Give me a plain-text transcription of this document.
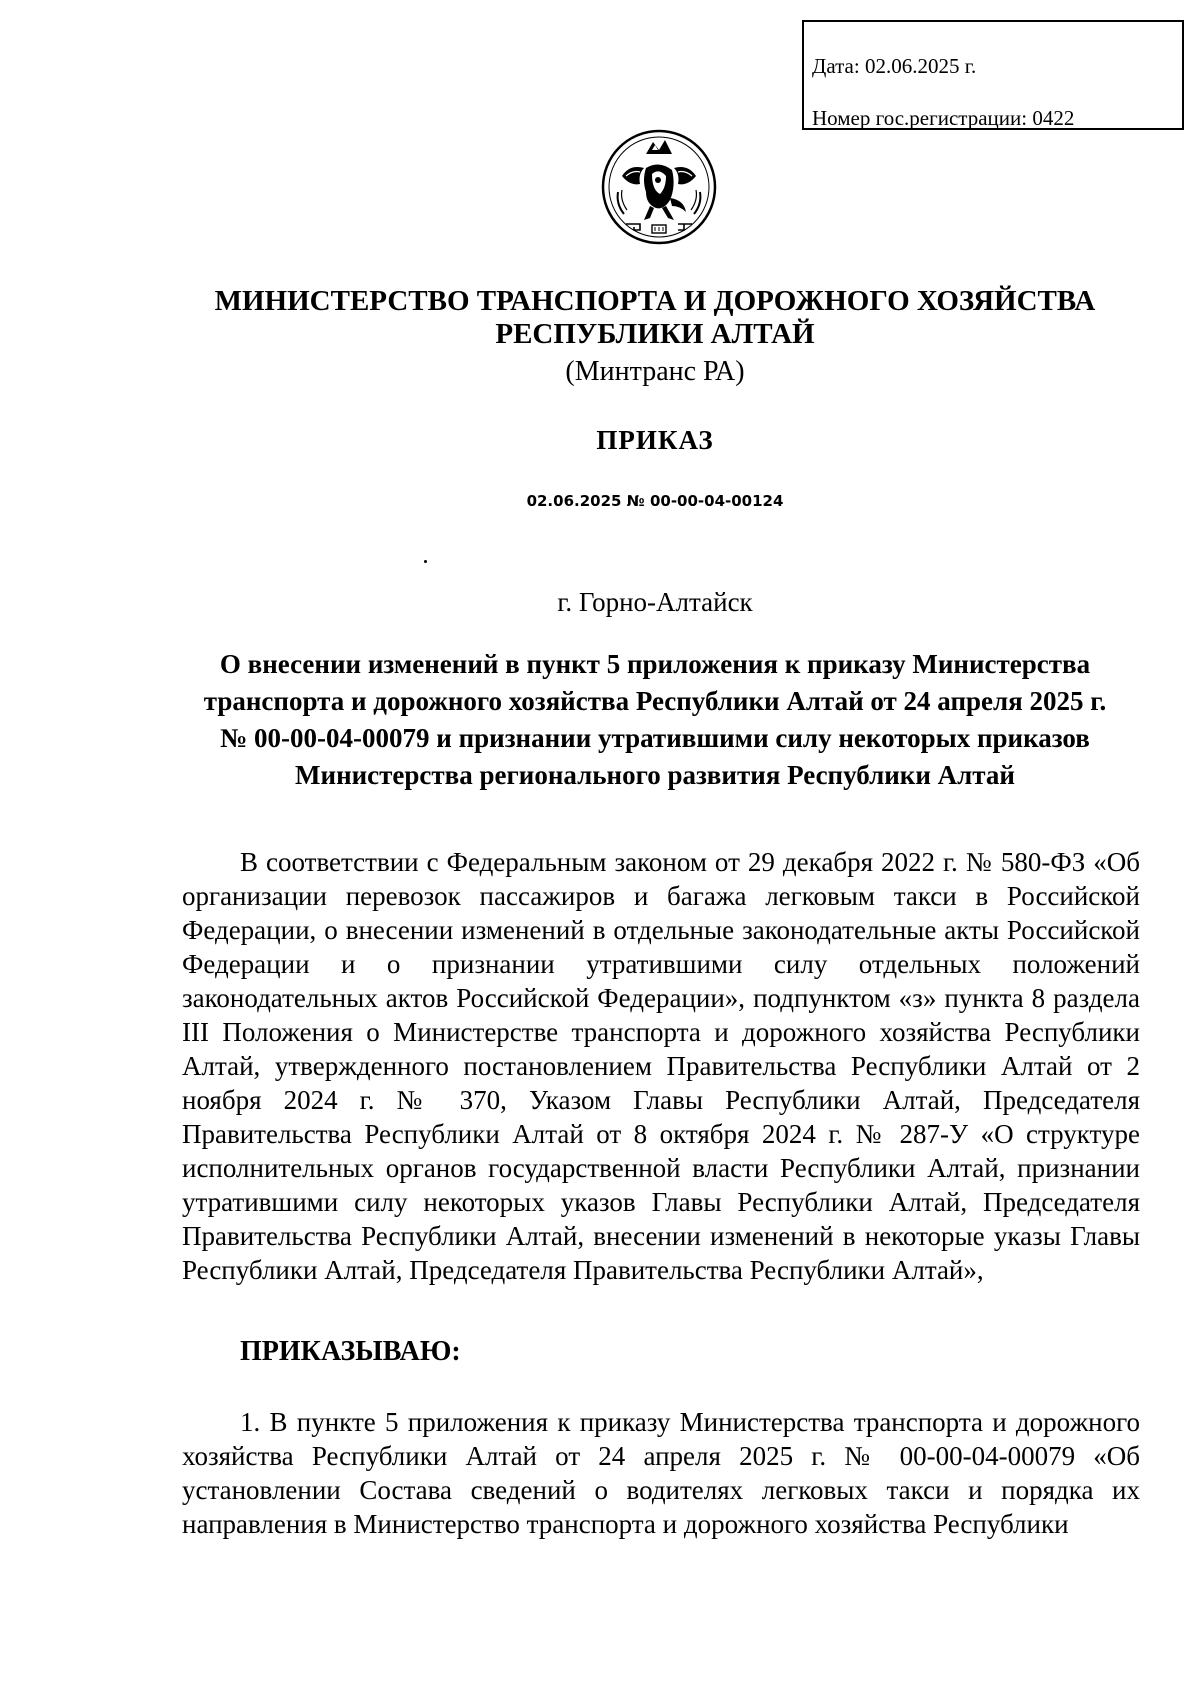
Дата: 02.06.2025 г.
Номер гос.регистрации: 0422
МИНИСТЕРСТВО ТРАНСПОРТА И ДОРОЖНОГО ХОЗЯЙСТВА
РЕСПУБЛИКИ АЛТАЙ
(Минтранс РА)
ПРИКАЗ
02.06.2025 № 00-00-04-00124
г. Горно-Алтайск
О внесении изменений в пункт 5 приложения к приказу Министерства
транспорта и дорожного хозяйства Республики Алтай от 24 апреля 2025 г.
№ 00-00-04-00079 и признании утратившими силу некоторых приказов
Министерства регионального развития Республики Алтай
В соответствии с Федеральным законом от 29 декабря 2022 г. № 580-ФЗ «Об организации перевозок пассажиров и багажа легковым такси в Российской Федерации, о внесении изменений в отдельные законодательные акты Российской Федерации и о признании утратившими силу отдельных положений законодательных актов Российской Федерации», подпунктом «з» пункта 8 раздела III Положения о Министерстве транспорта и дорожного хозяйства Республики Алтай, утвержденного постановлением Правительства Республики Алтай от 2 ноября 2024 г. № 370, Указом Главы Республики Алтай, Председателя Правительства Республики Алтай от 8 октября 2024 г. № 287-У «О структуре исполнительных органов государственной власти Республики Алтай, признании утратившими силу некоторых указов Главы Республики Алтай, Председателя Правительства Республики Алтай, внесении изменений в некоторые указы Главы Республики Алтай, Председателя Правительства Республики Алтай»,
ПРИКАЗЫВАЮ:
1. В пункте 5 приложения к приказу Министерства транспорта и дорожного хозяйства Республики Алтай от 24 апреля 2025 г. № 00-00-04-00079 «Об установлении Состава сведений о водителях легковых такси и порядка их направления в Министерство транспорта и дорожного хозяйства Республики
